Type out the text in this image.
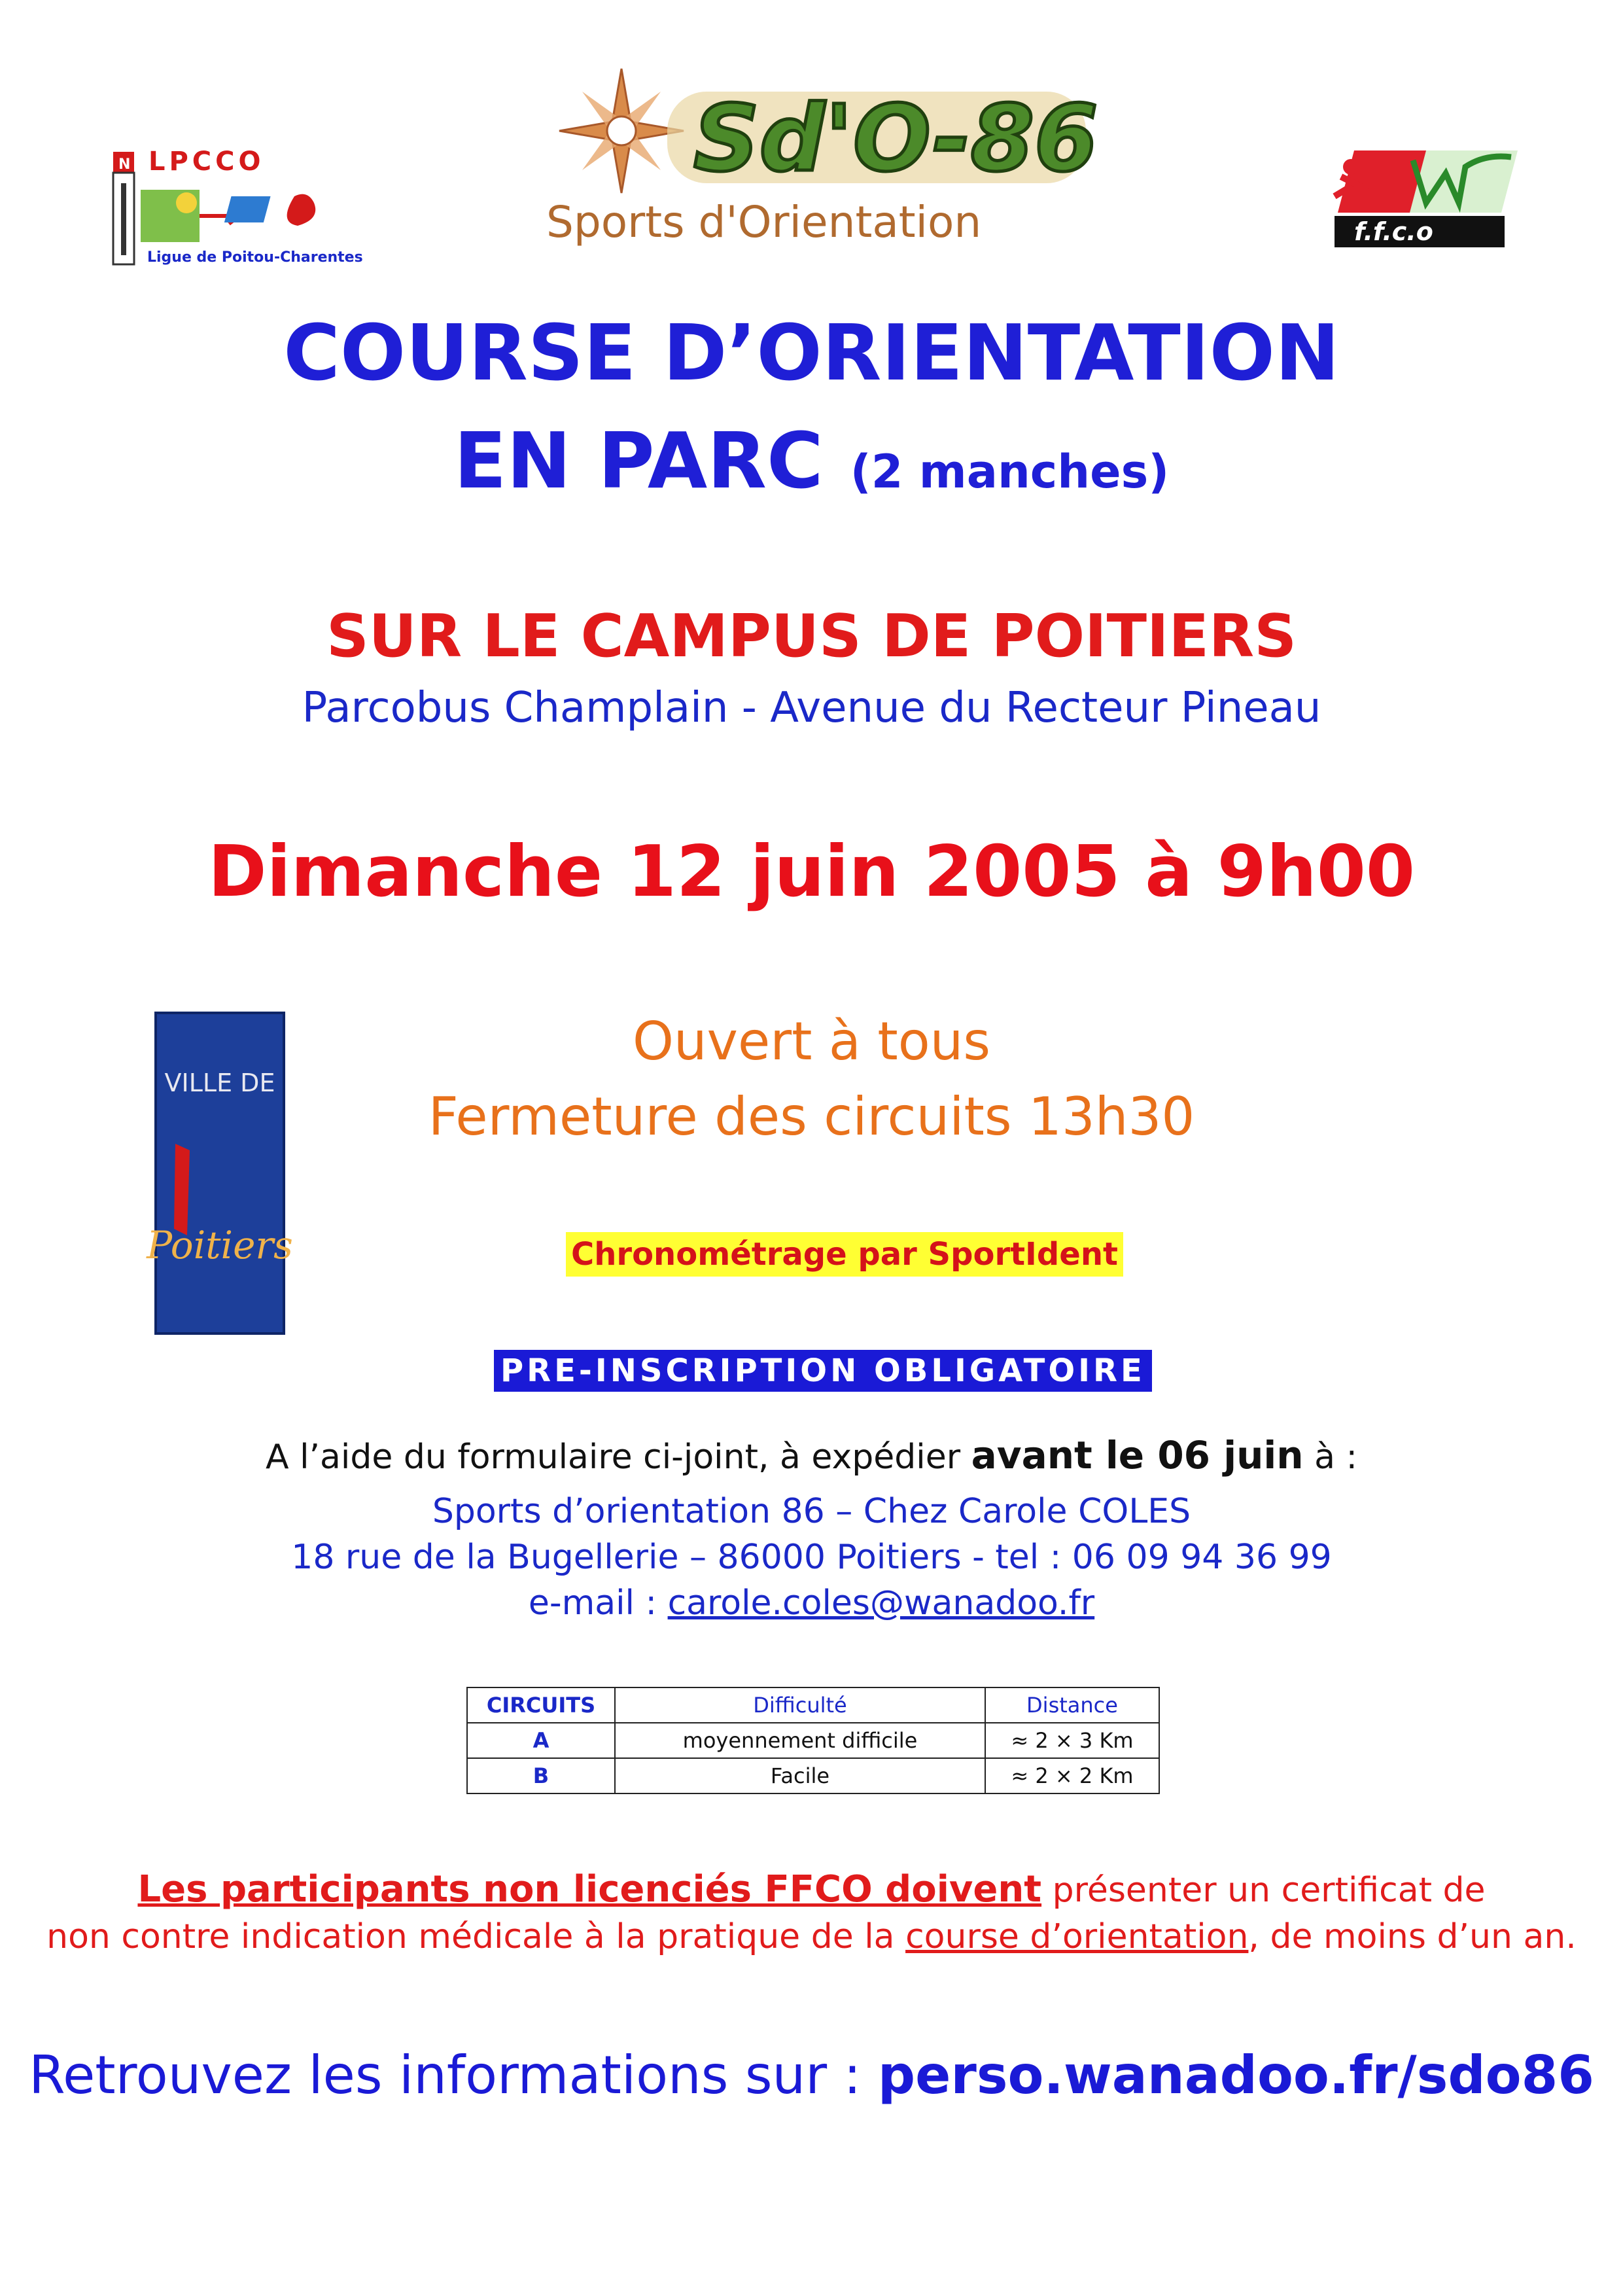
N LPCCO
Ligue de Poitou-Charentes
Sd'O-86
Sports d'Orientation	f.f.c.o
VILLE DE
Poitiers
COURSE D’ORIENTATION
EN PARC (2 manches)
SUR LE CAMPUS DE POITIERS
Parcobus Champlain - Avenue du Recteur Pineau
Dimanche 12 juin 2005 à 9h00
Ouvert à tous
Fermeture des circuits 13h30
Chronométrage par SportIdent
PRE-INSCRIPTION OBLIGATOIRE
A l’aide du formulaire ci-joint, à expédier avant le 06 juin à :
Sports d’orientation 86 – Chez Carole COLES
18 rue de la Bugellerie – 86000 Poitiers - tel : 06 09 94 36 99
e-mail : carole.coles@wanadoo.fr
CIRCUITS	Difficulté	Distance
A	moyennement difficile	≈ 2 × 3 Km
B	Facile	≈ 2 × 2 Km
Les participants non licenciés FFCO doivent présenter un certificat de
non contre indication médicale à la pratique de la course d’orientation, de moins d’un an.
Retrouvez les informations sur : perso.wanadoo.fr/sdo86
